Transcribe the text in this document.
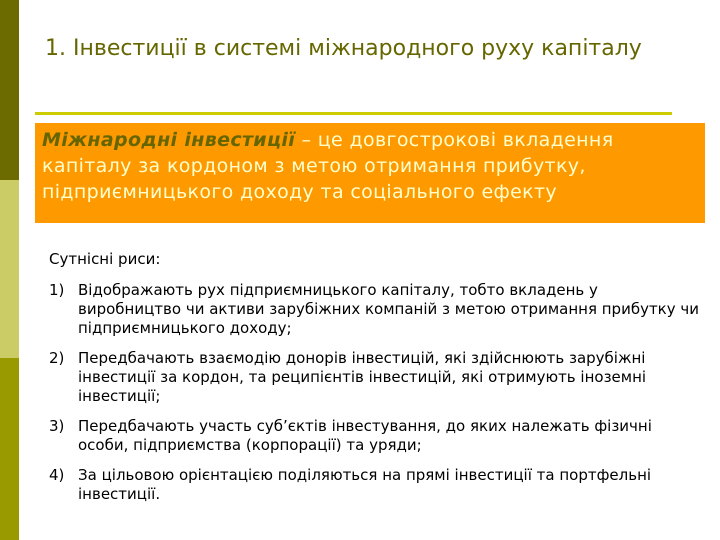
1. Інвестиції в системі міжнародного руху капіталу
Міжнародні інвестиції – це довгострокові вкладення капіталу за кордоном з метою отримання прибутку, підприємницького доходу та соціального ефекту

Сутнісні риси:

1) Відображають рух підприємницького капіталу, тобто вкладень у виробництво чи активи зарубіжних компаній з метою отримання прибутку чи підприємницького доходу;
2) Передбачають взаємодію донорів інвестицій, які здійснюють зарубіжні інвестиції за кордон, та реципієнтів інвестицій, які отримують іноземні інвестиції;
3) Передбачають участь суб’єктів інвестування, до яких належать фізичні особи, підприємства (корпорації) та уряди;
4) За цільовою орієнтацією поділяються на прямі інвестиції та портфельні інвестиції.
